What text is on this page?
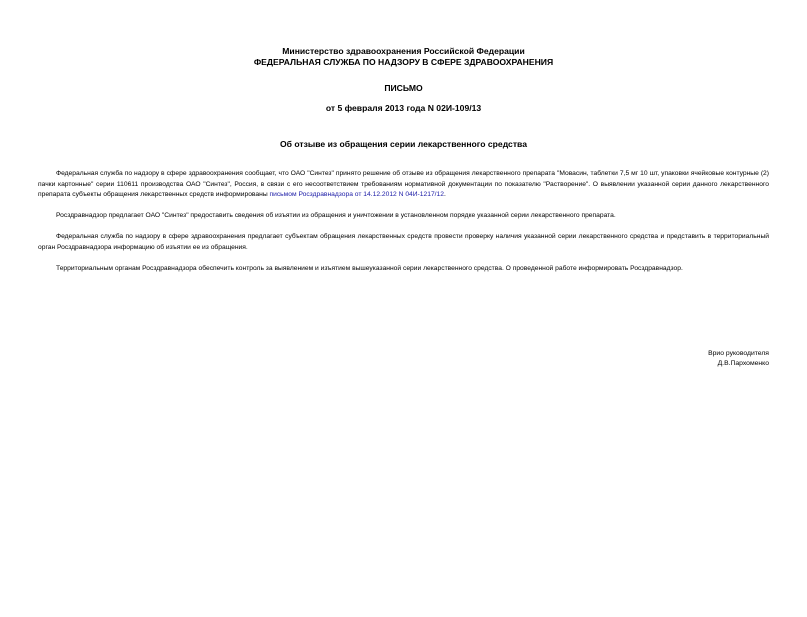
Министерство здравоохранения Российской Федерации
ФЕДЕРАЛЬНАЯ СЛУЖБА ПО НАДЗОРУ В СФЕРЕ ЗДРАВООХРАНЕНИЯ
ПИСЬМО
от 5 февраля 2013 года N 02И-109/13
Об отзыве из обращения серии лекарственного средства

Федеральная служба по надзору в сфере здравоохранения сообщает, что ОАО "Синтез" принято решение об отзыве из обращения лекарственного препарата "Мовасин, таблетки 7,5 мг 10 шт, упаковки ячейковые контурные (2) пачки картонные" серии 110611 производства ОАО "Синтез", Россия, в связи с его несоответствием требованиям нормативной документации по показателю "Растворение". О выявлении указанной серии данного лекарственного препарата субъекты обращения лекарственных средств информированы письмом Росздравнадзора от 14.12.2012 N 04И-1217/12.

Росздравнадзор предлагает ОАО "Синтез" предоставить сведения об изъятии из обращения и уничтожении в установленном порядке указанной серии лекарственного препарата.

Федеральная служба по надзору в сфере здравоохранения предлагает субъектам обращения лекарственных средств провести проверку наличия указанной серии лекарственного средства и представить в территориальный орган Росздравнадзора информацию об изъятии ее из обращения.

Территориальным органам Росздравнадзора обеспечить контроль за выявлением и изъятием вышеуказанной серии лекарственного средства. О проведенной работе информировать Росздравнадзор.

Врио руководителя
Д.В.Пархоменко
